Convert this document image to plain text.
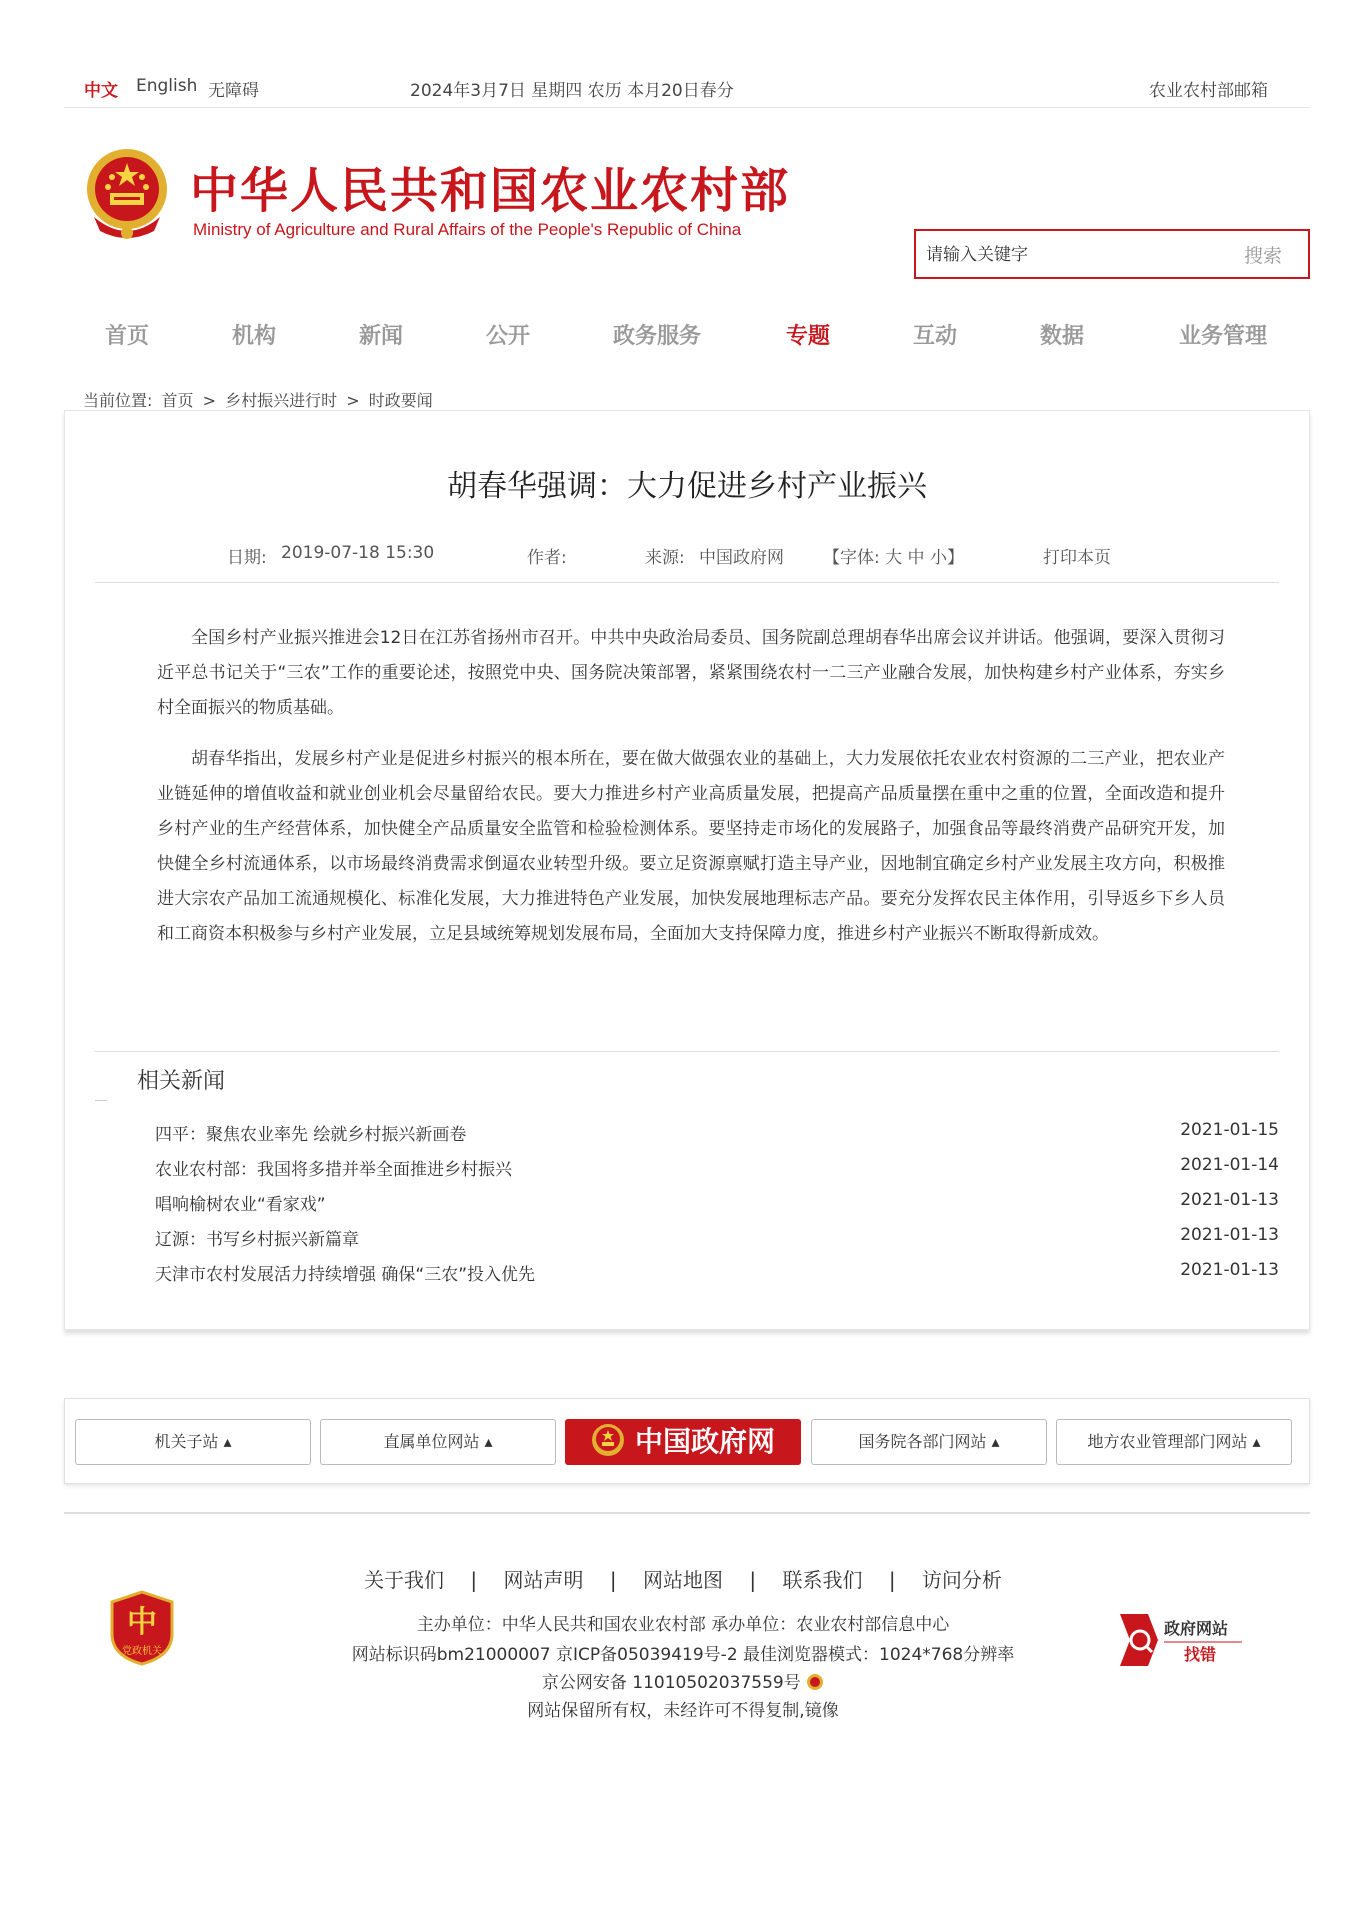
中文 English 无障碍	2024年3月7日 星期四 农历 本月20日春分	农业农村部邮箱
中华人民共和国农业农村部
Ministry of Agriculture and Rural Affairs of the People's Republic of China
请输入关键字
搜索
首页	机构	新闻	公开	政务服务	专题	互动	数据	业务管理
当前位置: 首页 > 乡村振兴进行时 > 时政要闻
胡春华强调：大力促进乡村产业振兴
日期: 2019-07-18 15:30	作者:	来源: 中国政府网 【字体: 大 中 小】	打印本页

全国乡村产业振兴推进会12日在江苏省扬州市召开。中共中央政治局委员、国务院副总理胡春华出席会议并讲话。他强调，要深入贯彻习近平总书记关于“三农”工作的重要论述，按照党中央、国务院决策部署，紧紧围绕农村一二三产业融合发展，加快构建乡村产业体系，夯实乡村全面振兴的物质基础。

胡春华指出，发展乡村产业是促进乡村振兴的根本所在，要在做大做强农业的基础上，大力发展依托农业农村资源的二三产业，把农业产业链延伸的增值收益和就业创业机会尽量留给农民。要大力推进乡村产业高质量发展，把提高产品质量摆在重中之重的位置，全面改造和提升乡村产业的生产经营体系，加快健全产品质量安全监管和检验检测体系。要坚持走市场化的发展路子，加强食品等最终消费产品研究开发，加快健全乡村流通体系，以市场最终消费需求倒逼农业转型升级。要立足资源禀赋打造主导产业，因地制宜确定乡村产业发展主攻方向，积极推进大宗农产品加工流通规模化、标准化发展，大力推进特色产业发展，加快发展地理标志产品。要充分发挥农民主体作用，引导返乡下乡人员和工商资本积极参与乡村产业发展，立足县域统筹规划发展布局，全面加大支持保障力度，推进乡村产业振兴不断取得新成效。

相关新闻
四平：聚焦农业率先 绘就乡村振兴新画卷	2021-01-15
农业农村部：我国将多措并举全面推进乡村振兴	2021-01-14
唱响榆树农业“看家戏”	2021-01-13
辽源：书写乡村振兴新篇章	2021-01-13
天津市农村发展活力持续增强 确保“三农”投入优先	2021-01-13
机关子站 ▴	直属单位网站 ▴	中国政府网	国务院各部门网站 ▴	地方农业管理部门网站 ▴
中
党政机关
关于我们 | 网站声明 | 网站地图 | 联系我们 | 访问分析
主办单位：中华人民共和国农业农村部 承办单位：农业农村部信息中心
网站标识码bm21000007 京ICP备05039419号-2 最佳浏览器模式：1024*768分辨率
京公网安备 11010502037559号
网站保留所有权，未经许可不得复制,镜像
政府网站
找错
